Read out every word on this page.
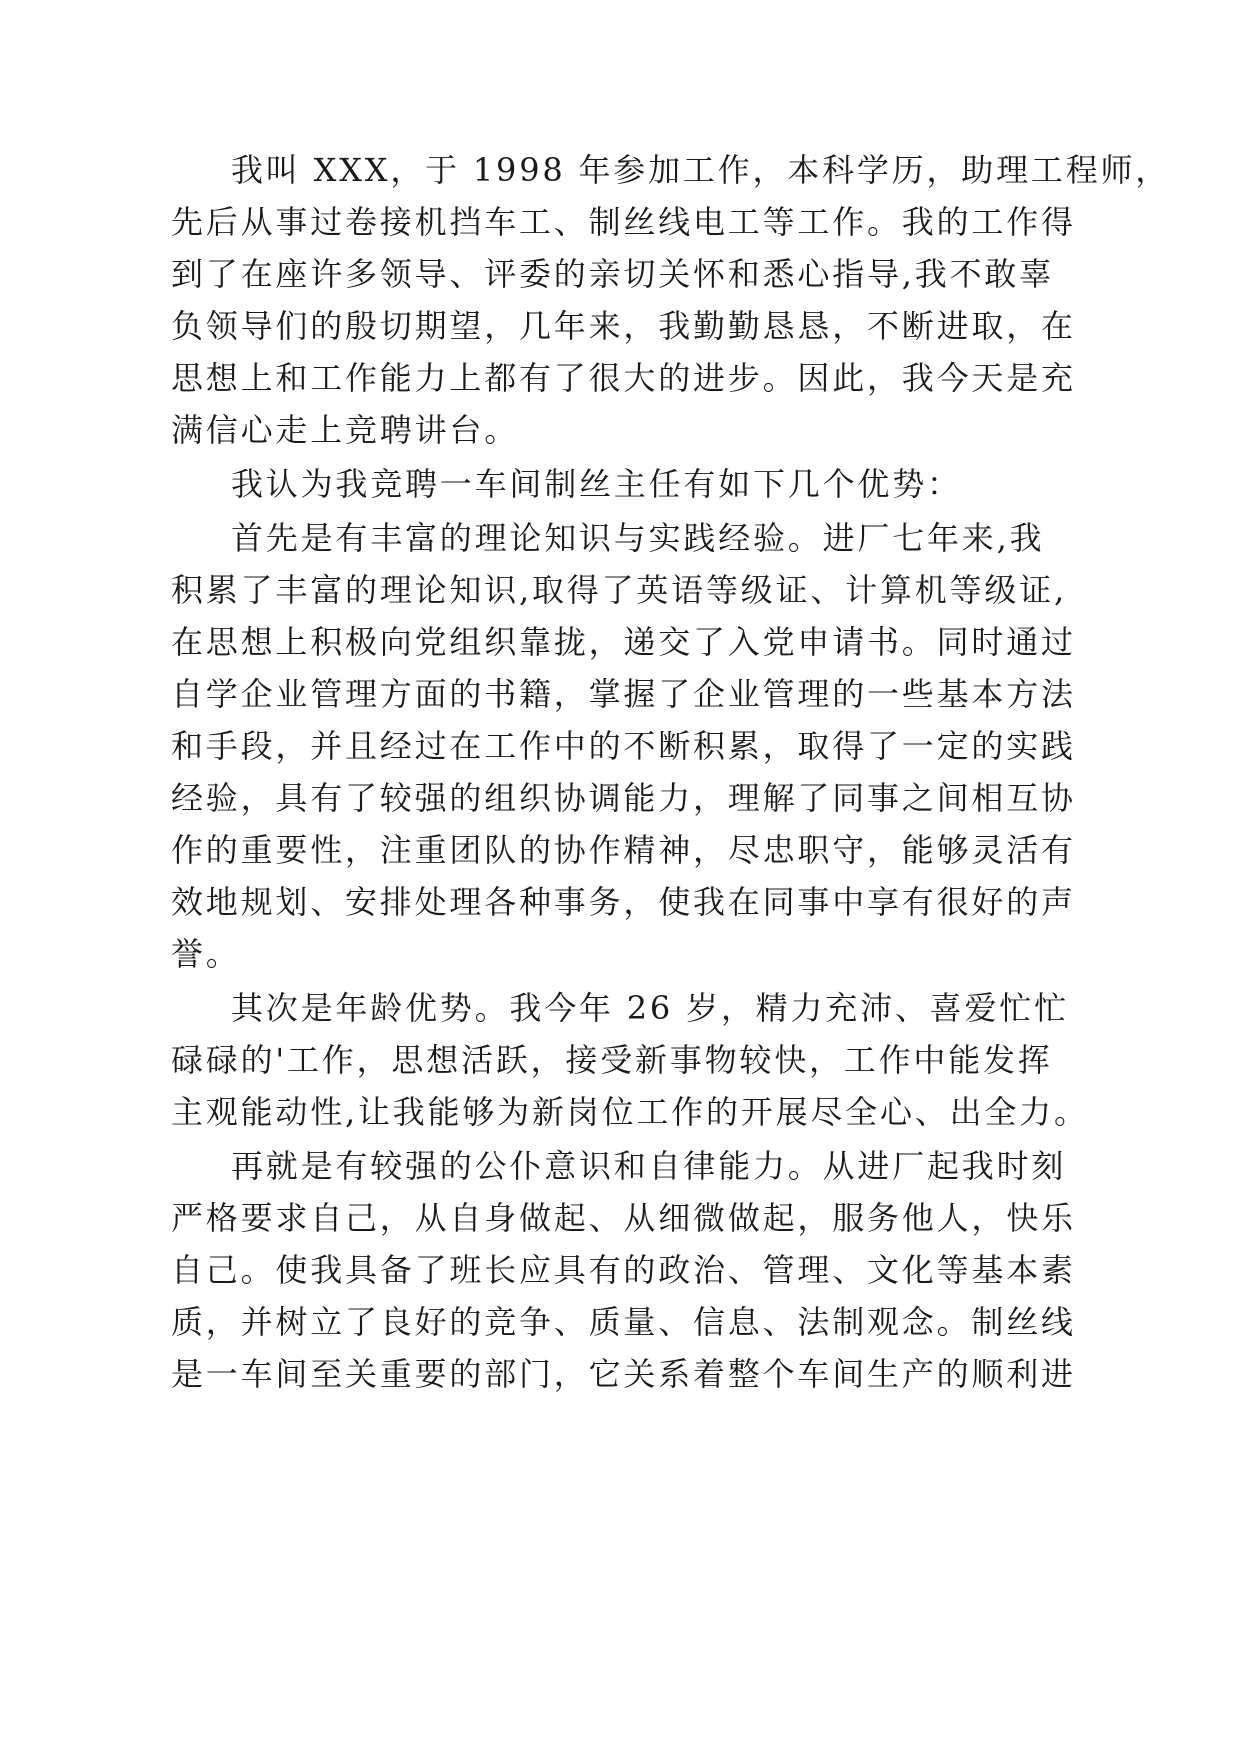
我叫 XXX，于 1998 年参加工作，本科学历，助理工程师，
先后从事过卷接机挡车工、制丝线电工等工作。我的工作得
到了在座许多领导、评委的亲切关怀和悉心指导,我不敢辜
负领导们的殷切期望，几年来，我勤勤恳恳，不断进取，在
思想上和工作能力上都有了很大的进步。因此，我今天是充
满信心走上竞聘讲台。
我认为我竞聘一车间制丝主任有如下几个优势：
首先是有丰富的理论知识与实践经验。进厂七年来,我
积累了丰富的理论知识,取得了英语等级证、计算机等级证,
在思想上积极向党组织靠拢，递交了入党申请书。同时通过
自学企业管理方面的书籍，掌握了企业管理的一些基本方法
和手段，并且经过在工作中的不断积累，取得了一定的实践
经验，具有了较强的组织协调能力，理解了同事之间相互协
作的重要性，注重团队的协作精神，尽忠职守，能够灵活有
效地规划、安排处理各种事务，使我在同事中享有很好的声
誉。
其次是年龄优势。我今年 26 岁，精力充沛、喜爱忙忙
碌碌的'工作，思想活跃，接受新事物较快，工作中能发挥
主观能动性,让我能够为新岗位工作的开展尽全心、出全力。
再就是有较强的公仆意识和自律能力。从进厂起我时刻
严格要求自己，从自身做起、从细微做起，服务他人，快乐
自己。使我具备了班长应具有的政治、管理、文化等基本素
质，并树立了良好的竞争、质量、信息、法制观念。制丝线
是一车间至关重要的部门，它关系着整个车间生产的顺利进
